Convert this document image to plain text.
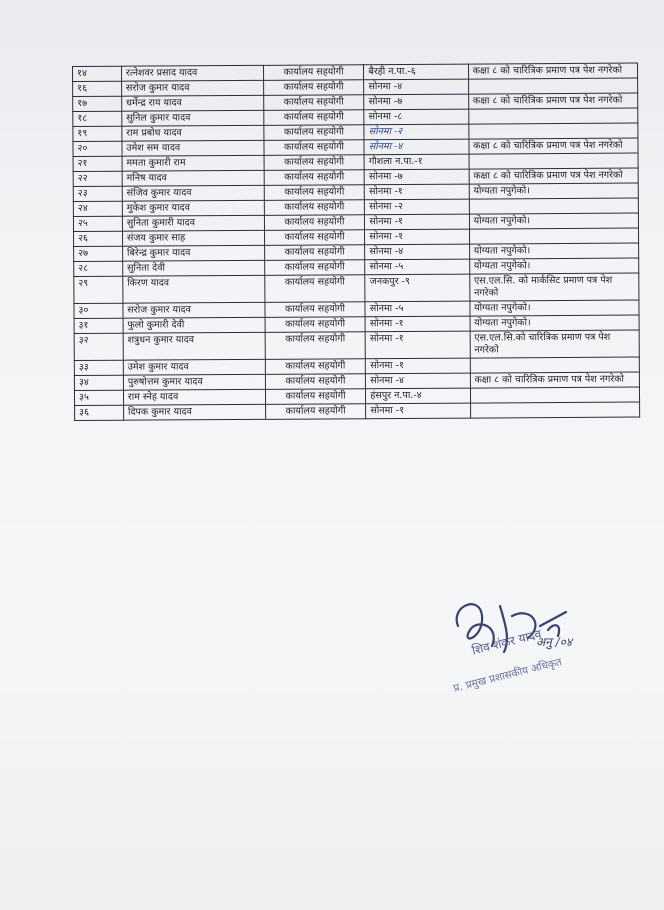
१४	रत्नेशवर प्रसाद यादव	कार्यालय सहयोगी	बैरही न.पा.-६	कक्षा ८ को चारित्रिक प्रमाण पत्र पेश नगरेको
१६	सरोज कुमार यादव	कार्यालय सहयोगी	सोनमा -४	
१७	धर्मेन्द्र राय यादव	कार्यालय सहयोगी	सोनमा -७	कक्षा ८ को चारित्रिक प्रमाण पत्र पेश नगरेको
१८	सुनिल कुमार यादव	कार्यालय सहयोगी	सोनमा -८	
१९	राम प्रबोध यादव	कार्यालय सहयोगी	सोनमा -२	
२०	उमेश सम यादव	कार्यालय सहयोगी	सोनमा -४	कक्षा ८ को चारित्रिक प्रमाण पत्र पेश नगरेको
२१	ममता कुमारी राम	कार्यालय सहयोगी	गौशला न.पा.-१	
२२	मनिष यादव	कार्यालय सहयोगी	सोनमा -७	कक्षा ८ को चारित्रिक प्रमाण पत्र पेश नगरेको
२३	संजिव कुमार यादव	कार्यालय सहयोगी	सोनमा -१	योग्यता नपुगेको।
२४	मुकेश कुमार यादव	कार्यालय सहयोगी	सोनमा -२	
२५	सुनिता कुमारी यादव	कार्यालय सहयोगी	सोनमा -१	योग्यता नपुगेको।
२६	संजय कुमार साह	कार्यालय सहयोगी	सोनमा -१	
२७	बिरेन्द्र कुमार यादव	कार्यालय सहयोगी	सोनमा -४	योग्यता नपुगेको।
२८	सुनिता देवी	कार्यालय सहयोगी	सोनमा -५	योग्यता नपुगेको।
२९	किरण यादव	कार्यालय सहयोगी	जनकपुर -९	एस.एल.सि. को मार्कसिट प्रमाण पत्र पेश नगरेको
३०	सरोज कुमार यादव	कार्यालय सहयोगी	सोनमा -५	योग्यता नपुगेको।
३१	फुलो कुमारी देवी	कार्यालय सहयोगी	सोनमा -१	योग्यता नपुगेको।
३२	शत्रुधन कुमार यादव	कार्यालय सहयोगी	सोनमा -१	एस.एल.सि.को चारित्रिक प्रमाण पत्र पेश नगरेको
३३	उमेश कुमार यादव	कार्यालय सहयोगी	सोनमा -१	
३४	पुरुषोत्तम कुमार यादव	कार्यालय सहयोगी	सोनमा -४	कक्षा ८ को चारित्रिक प्रमाण पत्र पेश नगरेको
३५	राम स्नेह यादव	कार्यालय सहयोगी	हंसपुर न.पा.-४	
३६	दिपक कुमार यादव	कार्यालय सहयोगी	सोनमा -१	
अनु /०४
शिव शंकर यादव
प्र. प्रमुख प्रशासकीय अधिकृत
